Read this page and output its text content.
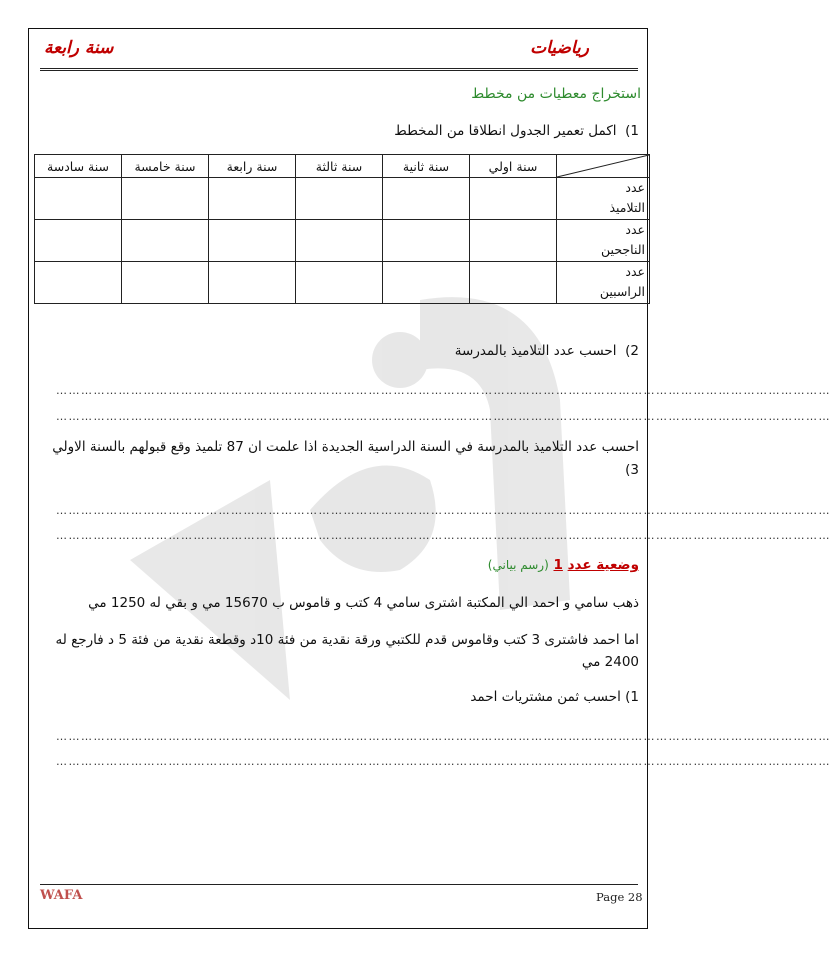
رياضيات
سنة رابعة
استخراج معطيات من مخطط
1)  اكمل تعمير الجدول انطلاقا من المخطط
	سنة اولي	سنة ثانية	سنة ثالثة	سنة رابعة	سنة خامسة	سنة سادسة

عدد
التلاميذ						

عدد
الناجحين						

عدد
الراسبين						

2)  احسب عدد التلاميذ بالمدرسة
……………………………………………………………………………………………………………………………………………………………………
……………………………………………………………………………………………………………………………………………………………………
احسب عدد التلاميذ بالمدرسة في السنة الدراسية الجديدة اذا علمت ان 87 تلميذ وقع قبولهم بالسنة الاولي
3)
……………………………………………………………………………………………………………………………………………………………………
……………………………………………………………………………………………………………………………………………………………………
وضعية عدد 1 (رسم بياني)
ذهب سامي و احمد الي المكتبة اشترى سامي 4 كتب و قاموس ب 15670 مي و بقي له 1250 مي
اما احمد فاشترى 3 كتب وقاموس قدم للكتبي ورقة نقدية من فئة 10د وقطعة نقدية من فئة 5 د فارجع له
2400 مي
1) احسب ثمن مشتريات احمد
……………………………………………………………………………………………………………………………………………………………………
……………………………………………………………………………………………………………………………………………………………………
WAFA	Page 28
